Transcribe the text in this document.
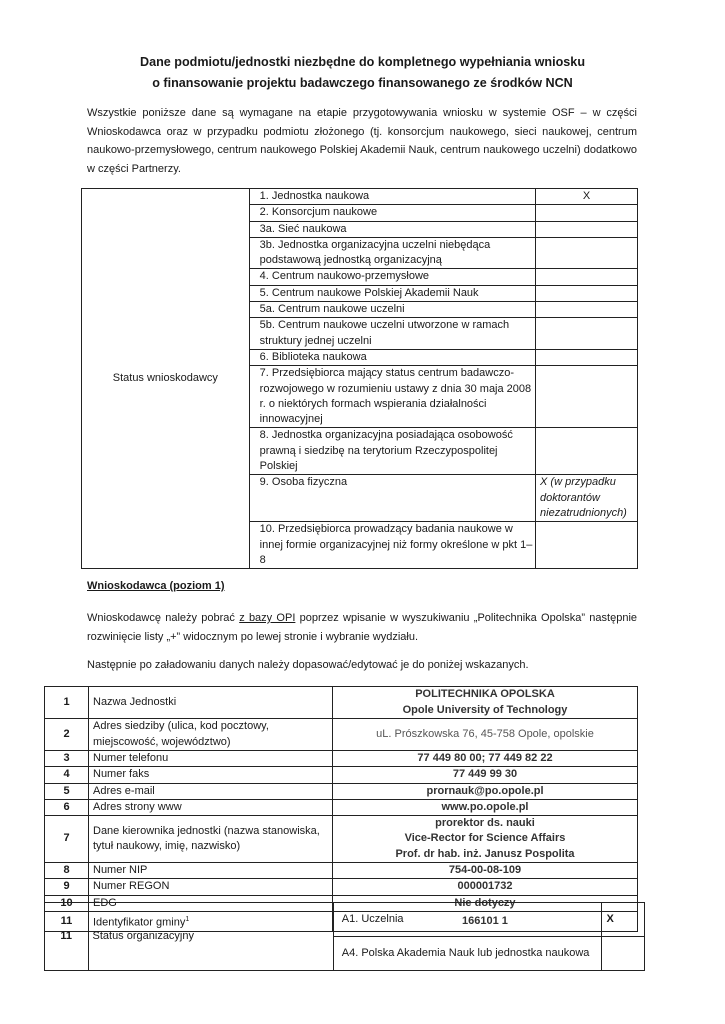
Dane podmiotu/jednostki niezbędne do kompletnego wypełniania wniosku
o finansowanie projektu badawczego finansowanego ze środków NCN
Wszystkie poniższe dane są wymagane na etapie przygotowywania wniosku w systemie OSF – w części Wnioskodawca oraz w przypadku podmiotu złożonego (tj. konsorcjum naukowego, sieci naukowej, centrum naukowo-przemysłowego, centrum naukowego Polskiej Akademii Nauk, centrum naukowego uczelni) dodatkowo w części Partnerzy.
Status wnioskodawcy	1. Jednostka naukowa	X
	2. Konsorcjum naukowe	
	3a. Sieć naukowa	
	3b. Jednostka organizacyjna uczelni niebędąca podstawową jednostką organizacyjną	
	4. Centrum naukowo-przemysłowe	
	5. Centrum naukowe Polskiej Akademii Nauk	
	5a. Centrum naukowe uczelni	
	5b. Centrum naukowe uczelni utworzone w ramach struktury jednej uczelni	
	6. Biblioteka naukowa	
	7. Przedsiębiorca mający status centrum badawczo-rozwojowego w rozumieniu ustawy z dnia 30 maja 2008 r. o niektórych formach wspierania działalności innowacyjnej	
	8. Jednostka organizacyjna posiadająca osobowość prawną i siedzibę na terytorium Rzeczypospolitej Polskiej	
	9. Osoba fizyczna	X (w przypadku doktorantów niezatrudnionych)
	10. Przedsiębiorca prowadzący badania naukowe w innej formie organizacyjnej niż formy określone w pkt 1–8	
Wnioskodawca (poziom 1)
Wnioskodawcę należy pobrać z bazy OPI poprzez wpisanie w wyszukiwaniu „Politechnika Opolska” następnie rozwinięcie listy „+” widocznym po lewej stronie i wybranie wydziału.
Następnie po załadowaniu danych należy dopasować/edytować je do poniżej wskazanych.
1	Nazwa Jednostki	POLITECHNIKA OPOLSKA
Opole University of Technology

2	Adres siedziby (ulica, kod pocztowy, miejscowość, województwo)	uL. Prószkowska 76, 45-758 Opole, opolskie

3	Numer telefonu	77 449 80 00; 77 449 82 22

4	Numer faks	77 449 99 30

5	Adres e-mail	prornauk@po.opole.pl

6	Adres strony www	www.po.opole.pl

7	Dane kierownika jednostki (nazwa stanowiska, tytuł naukowy, imię, nazwisko)	prorektor ds. nauki
Vice-Rector for Science Affairs
Prof. dr hab. inż. Janusz Pospolita

8	Numer NIP	754-00-08-109

9	Numer REGON	000001732

10	EDG	Nie dotyczy

11	Identyfikator gminy$^1$	166101 1
11	Status organizacyjny	A1. Uczelnia	X
		A4. Polska Akademia Nauk lub jednostka naukowa	
